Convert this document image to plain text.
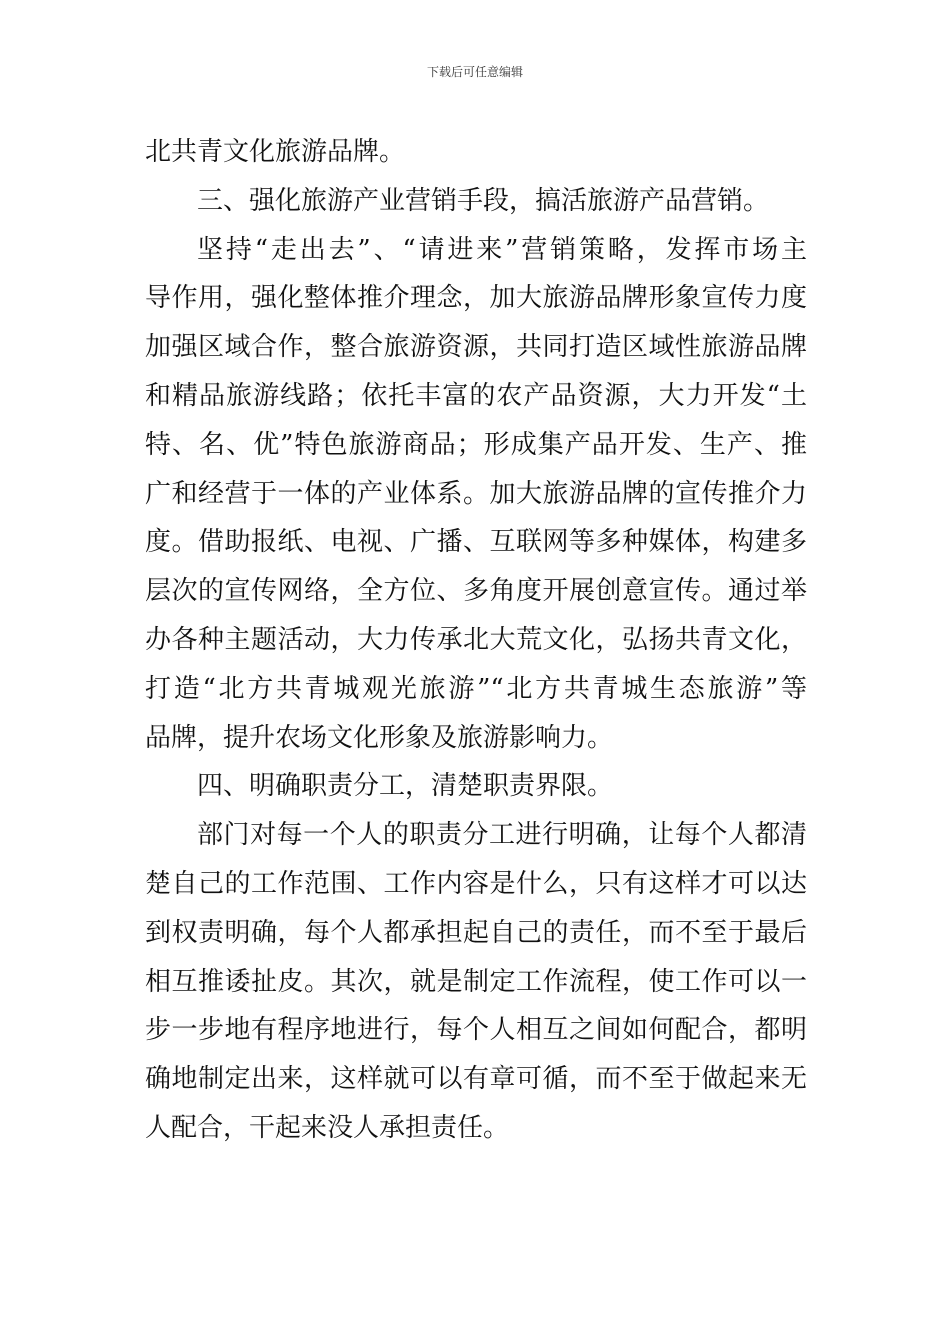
下载后可任意编辑
北共青文化旅游品牌。
三、强化旅游产业营销手段，搞活旅游产品营销。
坚持“走出去”、“请进来”营销策略，发挥市场主
导作用，强化整体推介理念，加大旅游品牌形象宣传力度
加强区域合作，整合旅游资源，共同打造区域性旅游品牌
和精品旅游线路；依托丰富的农产品资源，大力开发“土
特、名、优”特色旅游商品；形成集产品开发、生产、推
广和经营于一体的产业体系。加大旅游品牌的宣传推介力
度。借助报纸、电视、广播、互联网等多种媒体，构建多
层次的宣传网络，全方位、多角度开展创意宣传。通过举
办各种主题活动，大力传承北大荒文化，弘扬共青文化，
打造“北方共青城观光旅游”“北方共青城生态旅游”等
品牌，提升农场文化形象及旅游影响力。
四、明确职责分工，清楚职责界限。
部门对每一个人的职责分工进行明确，让每个人都清
楚自己的工作范围、工作内容是什么，只有这样才可以达
到权责明确，每个人都承担起自己的责任，而不至于最后
相互推诿扯皮。其次，就是制定工作流程，使工作可以一
步一步地有程序地进行，每个人相互之间如何配合，都明
确地制定出来，这样就可以有章可循，而不至于做起来无
人配合，干起来没人承担责任。
